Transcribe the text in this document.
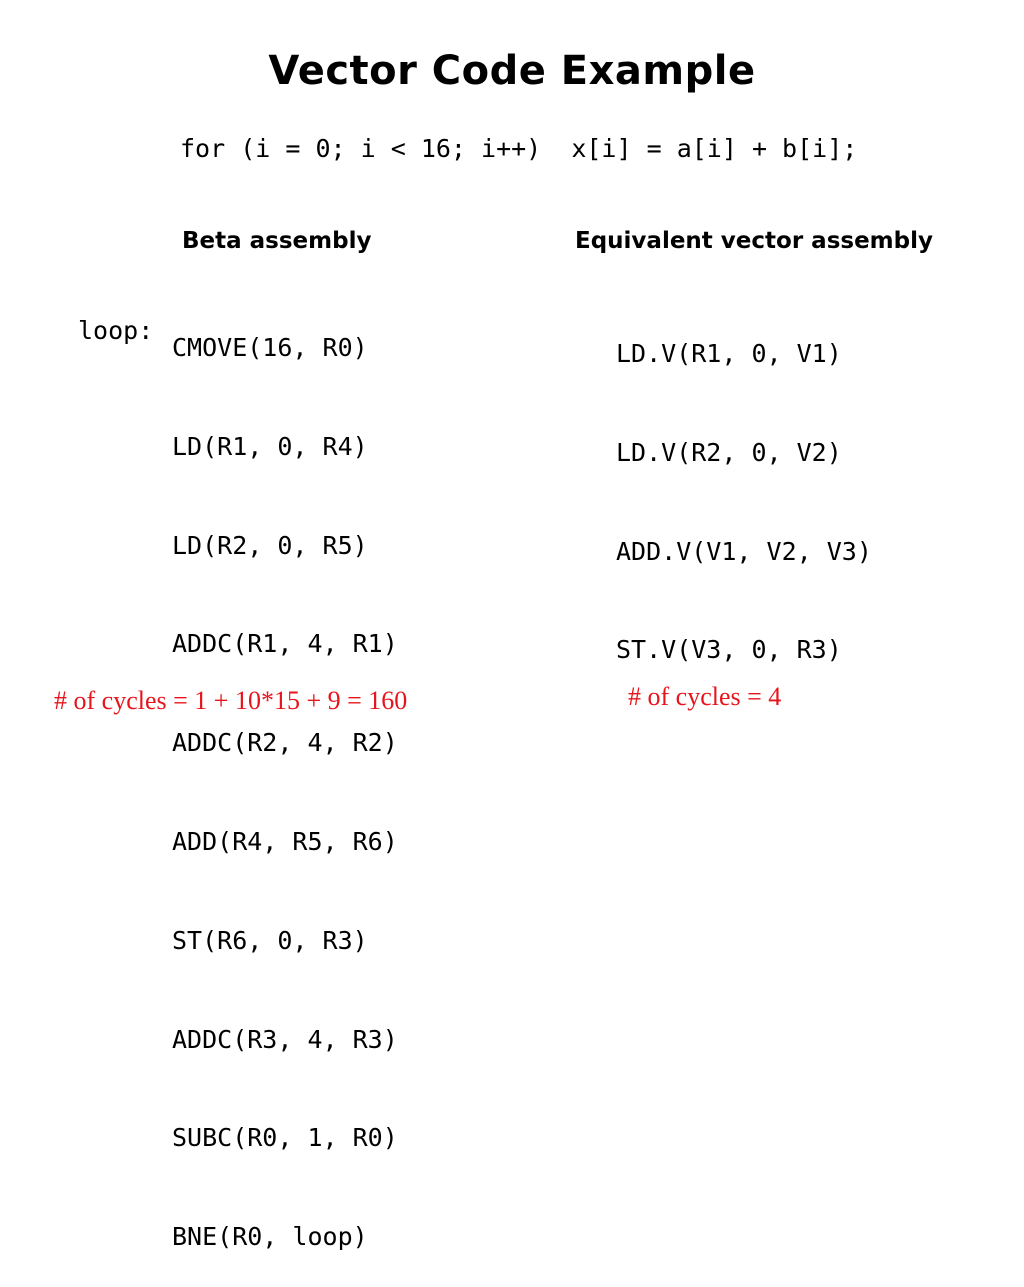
Vector Code Example
for (i = 0; i < 16; i++)  x[i] = a[i] + b[i];
Beta assembly	Equivalent vector assembly
loop:

CMOVE(16, R0)

LD(R1, 0, R4)

LD(R2, 0, R5)

ADDC(R1, 4, R1)

ADDC(R2, 4, R2)

ADD(R4, R5, R6)

ST(R6, 0, R3)

ADDC(R3, 4, R3)

SUBC(R0, 1, R0)

BNE(R0, loop)

LD.V(R1, 0, V1)

LD.V(R2, 0, V2)

ADD.V(V1, V2, V3)

ST.V(V3, 0, R3)

# of cycles = 1 + 10*15 + 9 = 160	# of cycles = 4
